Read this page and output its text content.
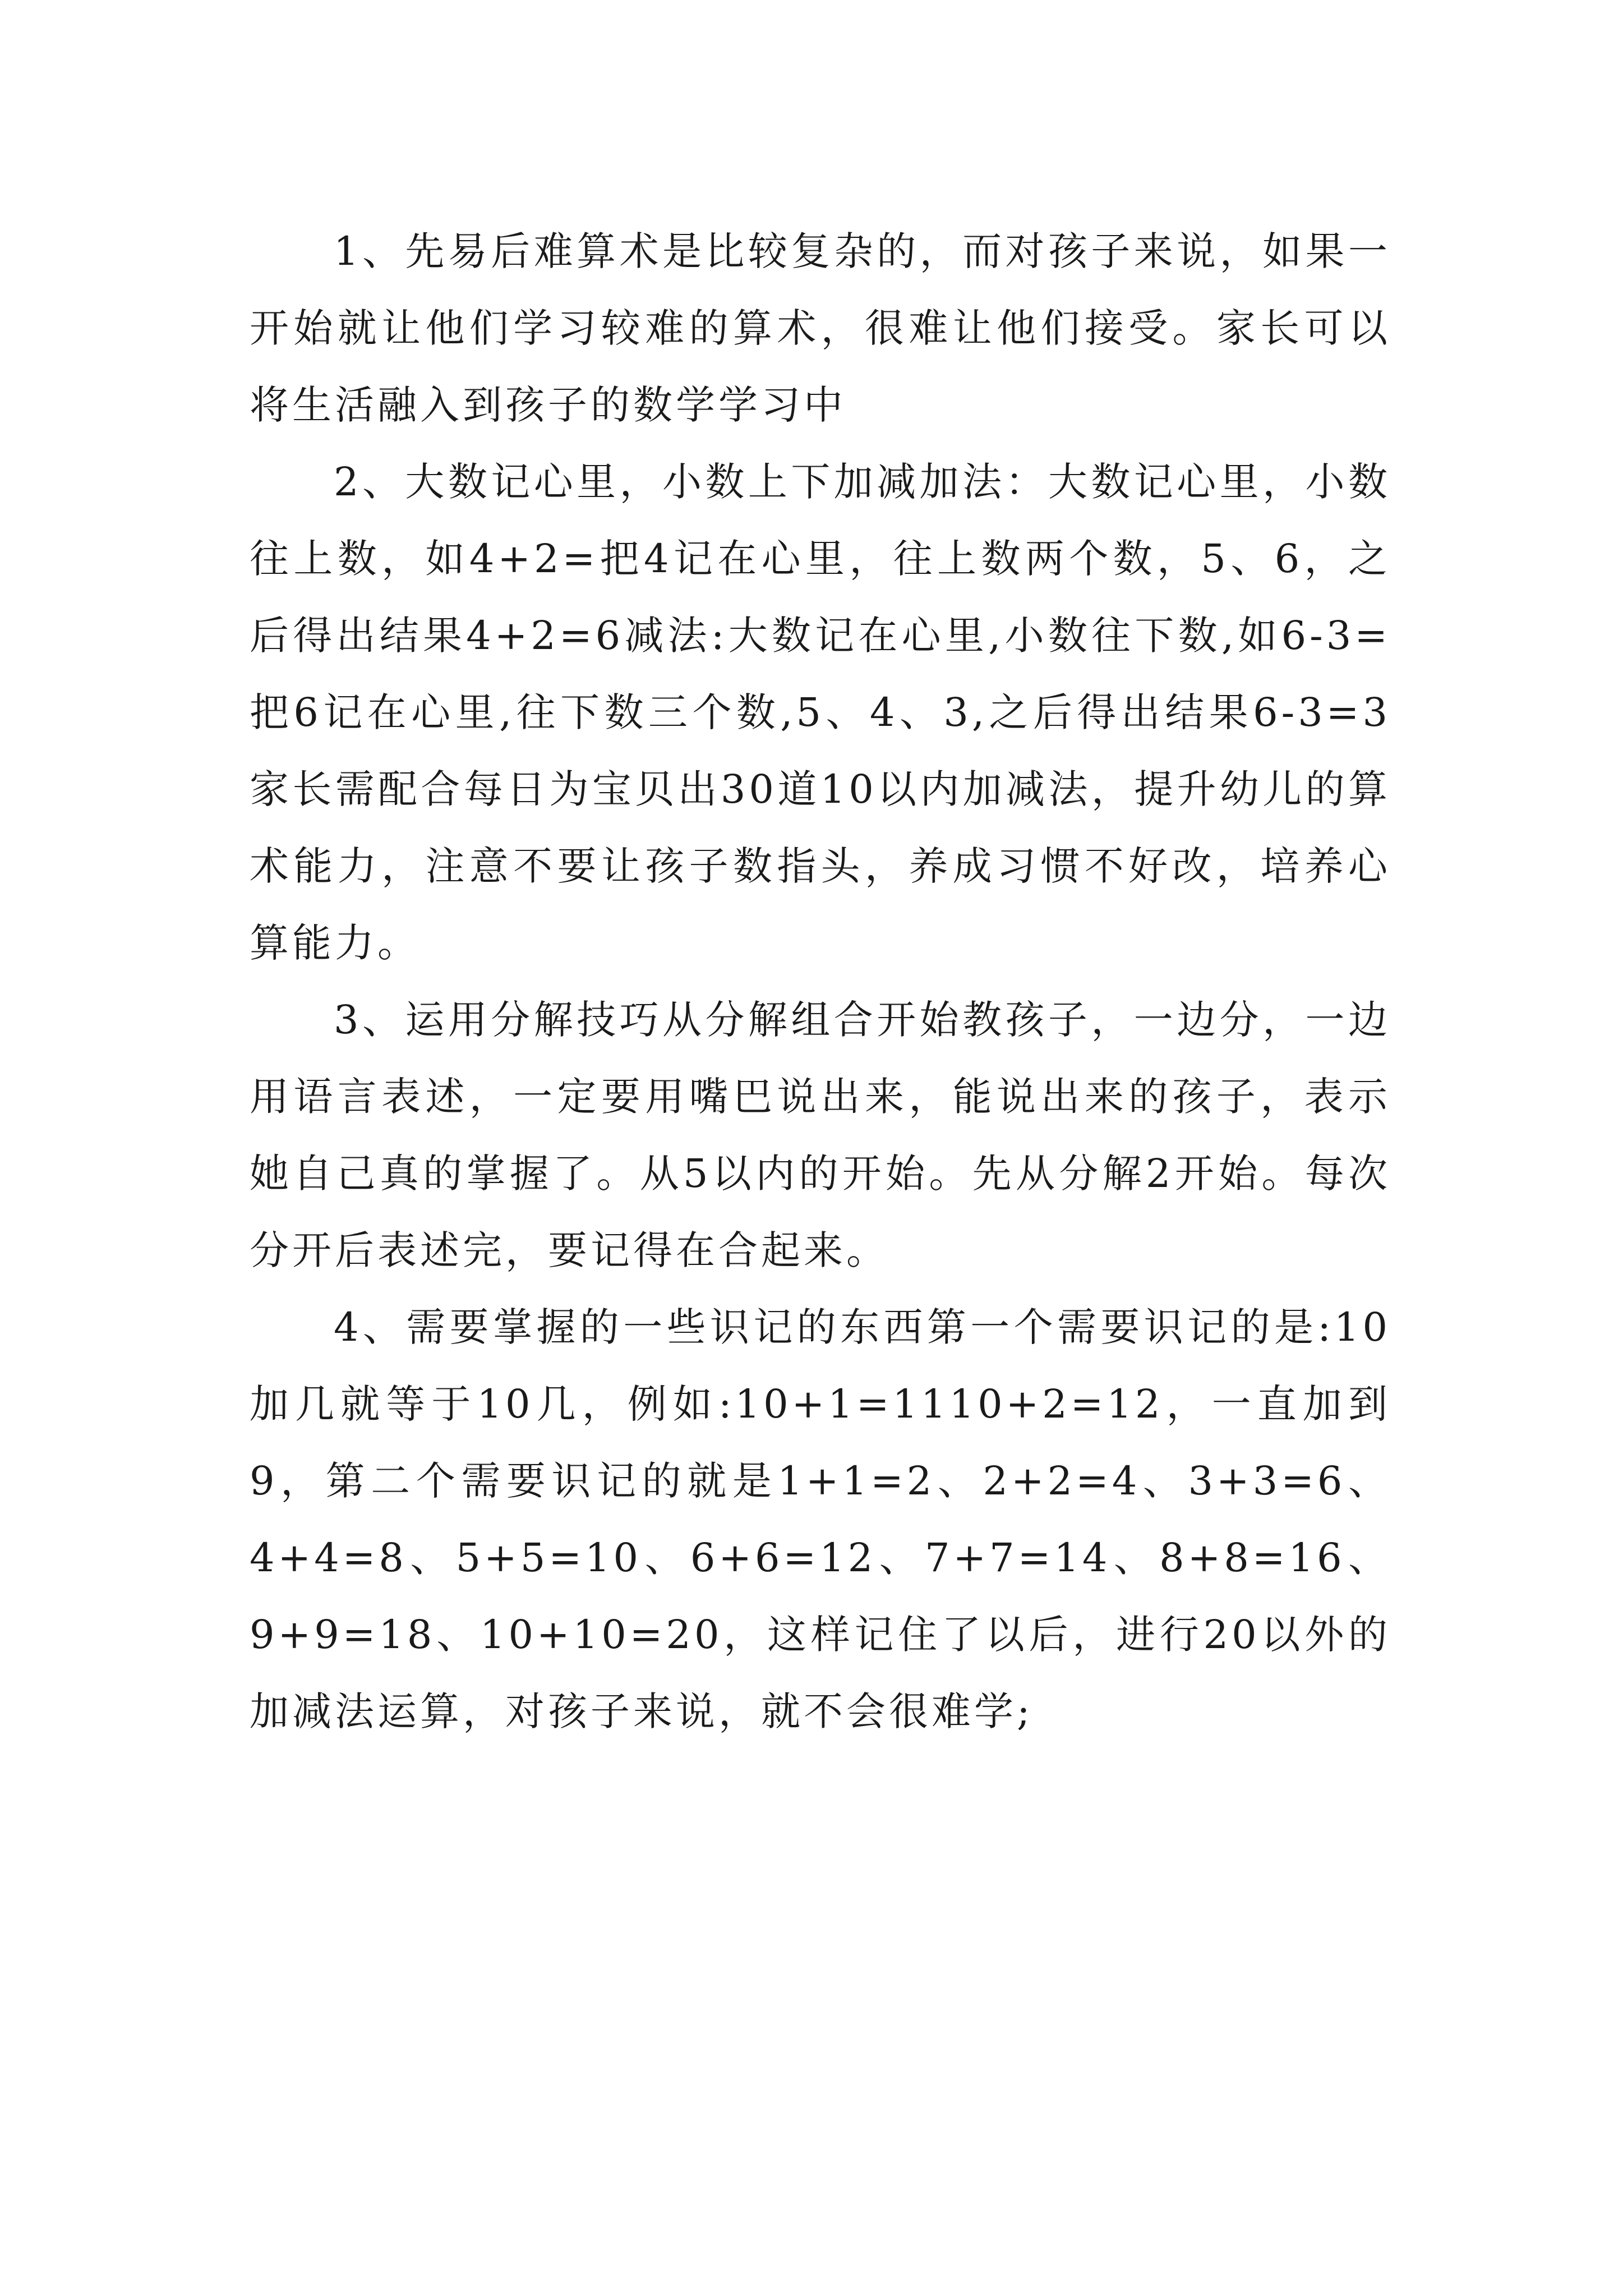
1、先易后难算术是比较复杂的，而对孩子来说，如果一开始就让他们学习较难的算术，很难让他们接受。家长可以将生活融入到孩子的数学学习中

2、大数记心里，小数上下加减加法：大数记心里，小数往上数，如4+2=把4记在心里，往上数两个数，5、6，之后得出结果4+2=6减法:大数记在心里,小数往下数,如6-3=把6记在心里,往下数三个数,5、4、3,之后得出结果6-3=3家长需配合每日为宝贝出30道10以内加减法，提升幼儿的算术能力，注意不要让孩子数指头，养成习惯不好改，培养心算能力。

3、运用分解技巧从分解组合开始教孩子，一边分，一边用语言表述，一定要用嘴巴说出来，能说出来的孩子，表示她自己真的掌握了。从5以内的开始。先从分解2开始。每次分开后表述完，要记得在合起来。

4、需要掌握的一些识记的东西第一个需要识记的是:10加几就等于10几，例如:10+1=1110+2=12，一直加到9，第二个需要识记的就是1+1=2、2+2=4、3+3=6、4+4=8、5+5=10、6+6=12、7+7=14、8+8=16、9+9=18、10+10=20，这样记住了以后，进行20以外的加减法运算，对孩子来说，就不会很难学;
